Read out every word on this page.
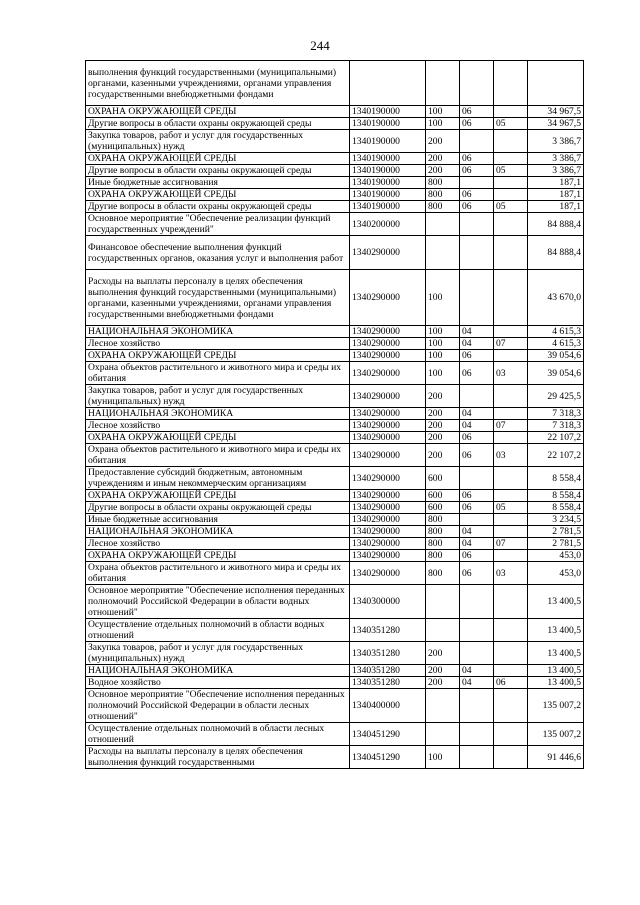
244
выполнения функций государственными (муниципальными) органами, казенными учреждениями, органами управления государственными внебюджетными фондами					
ОХРАНА ОКРУЖАЮЩЕЙ СРЕДЫ	1340190000	100	06		34 967,5
Другие вопросы в области охраны окружающей среды	1340190000	100	06	05	34 967,5
Закупка товаров, работ и услуг для государственных (муниципальных) нужд	1340190000	200			3 386,7
ОХРАНА ОКРУЖАЮЩЕЙ СРЕДЫ	1340190000	200	06		3 386,7
Другие вопросы в области охраны окружающей среды	1340190000	200	06	05	3 386,7
Иные бюджетные ассигнования	1340190000	800			187,1
ОХРАНА ОКРУЖАЮЩЕЙ СРЕДЫ	1340190000	800	06		187,1
Другие вопросы в области охраны окружающей среды	1340190000	800	06	05	187,1
Основное мероприятие "Обеспечение реализации функций государственных учреждений"	1340200000				84 888,4
Финансовое обеспечение выполнения функций государственных органов, оказания услуг и выполнения работ	1340290000				84 888,4
Расходы на выплаты персоналу в целях обеспечения выполнения функций государственными (муниципальными) органами, казенными учреждениями, органами управления государственными внебюджетными фондами	1340290000	100			43 670,0
НАЦИОНАЛЬНАЯ ЭКОНОМИКА	1340290000	100	04		4 615,3
Лесное хозяйство	1340290000	100	04	07	4 615,3
ОХРАНА ОКРУЖАЮЩЕЙ СРЕДЫ	1340290000	100	06		39 054,6
Охрана объектов растительного и животного мира и среды их обитания	1340290000	100	06	03	39 054,6
Закупка товаров, работ и услуг для государственных (муниципальных) нужд	1340290000	200			29 425,5
НАЦИОНАЛЬНАЯ ЭКОНОМИКА	1340290000	200	04		7 318,3
Лесное хозяйство	1340290000	200	04	07	7 318,3
ОХРАНА ОКРУЖАЮЩЕЙ СРЕДЫ	1340290000	200	06		22 107,2
Охрана объектов растительного и животного мира и среды их обитания	1340290000	200	06	03	22 107,2
Предоставление субсидий бюджетным, автономным учреждениям и иным некоммерческим организациям	1340290000	600			8 558,4
ОХРАНА ОКРУЖАЮЩЕЙ СРЕДЫ	1340290000	600	06		8 558,4
Другие вопросы в области охраны окружающей среды	1340290000	600	06	05	8 558,4
Иные бюджетные ассигнования	1340290000	800			3 234,5
НАЦИОНАЛЬНАЯ ЭКОНОМИКА	1340290000	800	04		2 781,5
Лесное хозяйство	1340290000	800	04	07	2 781,5
ОХРАНА ОКРУЖАЮЩЕЙ СРЕДЫ	1340290000	800	06		453,0
Охрана объектов растительного и животного мира и среды их обитания	1340290000	800	06	03	453,0
Основное мероприятие "Обеспечение исполнения переданных полномочий Российской Федерации в области водных отношений"	1340300000				13 400,5
Осуществление отдельных полномочий в области водных отношений	1340351280				13 400,5
Закупка товаров, работ и услуг для государственных (муниципальных) нужд	1340351280	200			13 400,5
НАЦИОНАЛЬНАЯ ЭКОНОМИКА	1340351280	200	04		13 400,5
Водное хозяйство	1340351280	200	04	06	13 400,5
Основное мероприятие "Обеспечение исполнения переданных полномочий Российской Федерации в области лесных отношений"	1340400000				135 007,2
Осуществление отдельных полномочий в области лесных отношений	1340451290				135 007,2
Расходы на выплаты персоналу в целях обеспечения выполнения функций государственными	1340451290	100			91 446,6
